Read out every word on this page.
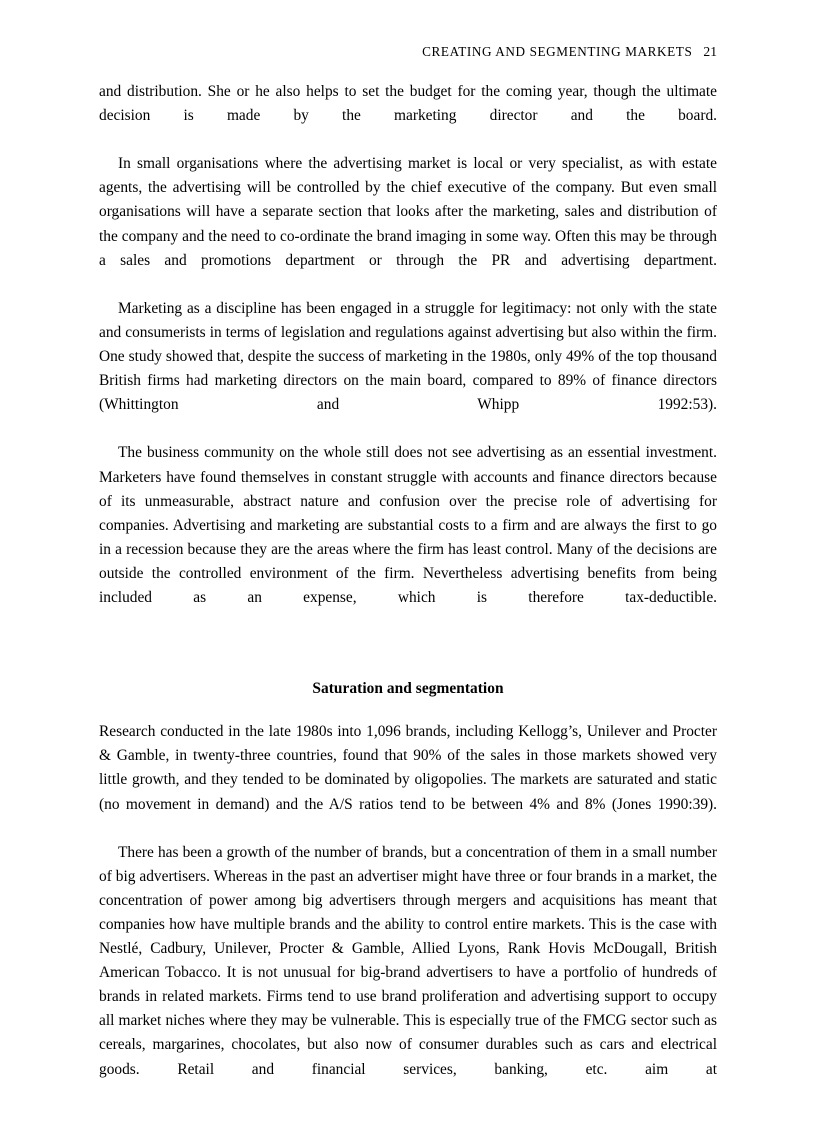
CREATING AND SEGMENTING MARKETS 21

and distribution. She or he also helps to set the budget for the coming year, though the ultimate decision is made by the marketing director and the board.

In small organisations where the advertising market is local or very specialist, as with estate agents, the advertising will be controlled by the chief executive of the company. But even small organisations will have a separate section that looks after the marketing, sales and distribution of the company and the need to co-ordinate the brand imaging in some way. Often this may be through a sales and promotions department or through the PR and advertising department.

Marketing as a discipline has been engaged in a struggle for legitimacy: not only with the state and consumerists in terms of legislation and regulations against advertising but also within the firm. One study showed that, despite the success of marketing in the 1980s, only 49% of the top thousand British firms had marketing directors on the main board, compared to 89% of finance directors (Whittington and Whipp 1992:53).

The business community on the whole still does not see advertising as an essential investment. Marketers have found themselves in constant struggle with accounts and finance directors because of its unmeasurable, abstract nature and confusion over the precise role of advertising for companies. Advertising and marketing are substantial costs to a firm and are always the first to go in a recession because they are the areas where the firm has least control. Many of the decisions are outside the controlled environment of the firm. Nevertheless advertising benefits from being included as an expense, which is therefore tax-deductible.

Saturation and segmentation

Research conducted in the late 1980s into 1,096 brands, including Kellogg’s, Unilever and Procter & Gamble, in twenty-three countries, found that 90% of the sales in those markets showed very little growth, and they tended to be dominated by oligopolies. The markets are saturated and static (no movement in demand) and the A/S ratios tend to be between 4% and 8% (Jones 1990:39).

There has been a growth of the number of brands, but a concentration of them in a small number of big advertisers. Whereas in the past an advertiser might have three or four brands in a market, the concentration of power among big advertisers through mergers and acquisitions has meant that companies how have multiple brands and the ability to control entire markets. This is the case with Nestlé, Cadbury, Unilever, Procter & Gamble, Allied Lyons, Rank Hovis McDougall, British American Tobacco. It is not unusual for big-brand advertisers to have a portfolio of hundreds of brands in related markets. Firms tend to use brand proliferation and advertising support to occupy all market niches where they may be vulnerable. This is especially true of the FMCG sector such as cereals, margarines, chocolates, but also now of consumer durables such as cars and electrical goods. Retail and financial services, banking, etc. aim at
